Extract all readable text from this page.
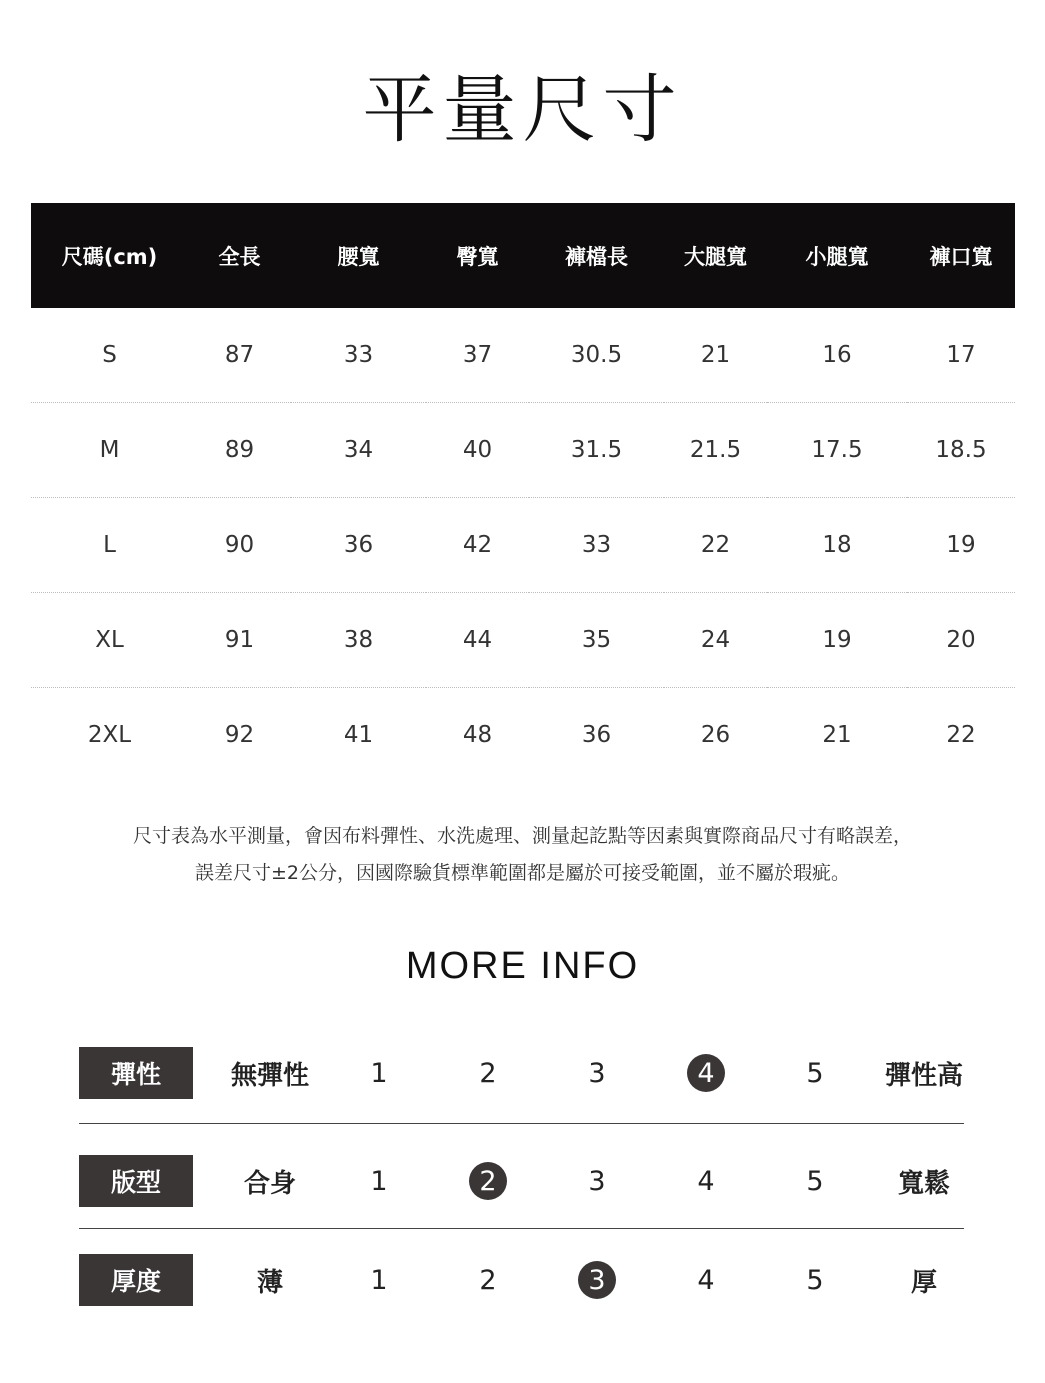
平量尺寸
尺碼(cm)	全長	腰寬	臀寬	褲檔長	大腿寬	小腿寬	褲口寬
S	87	33	37	30.5	21	16	17
M	89	34	40	31.5	21.5	17.5	18.5
L	90	36	42	33	22	18	19
XL	91	38	44	35	24	19	20
2XL	92	41	48	36	26	21	22
尺寸表為水平測量，會因布料彈性、水洗處理、測量起訖點等因素與實際商品尺寸有略誤差，
誤差尺寸±2公分，因國際驗貨標準範圍都是屬於可接受範圍，並不屬於瑕疵。
MORE INFO
彈性	無彈性	1	2	3	4	5	彈性高
版型	合身	1	2	3	4	5	寬鬆
厚度	薄	1	2	3	4	5	厚
